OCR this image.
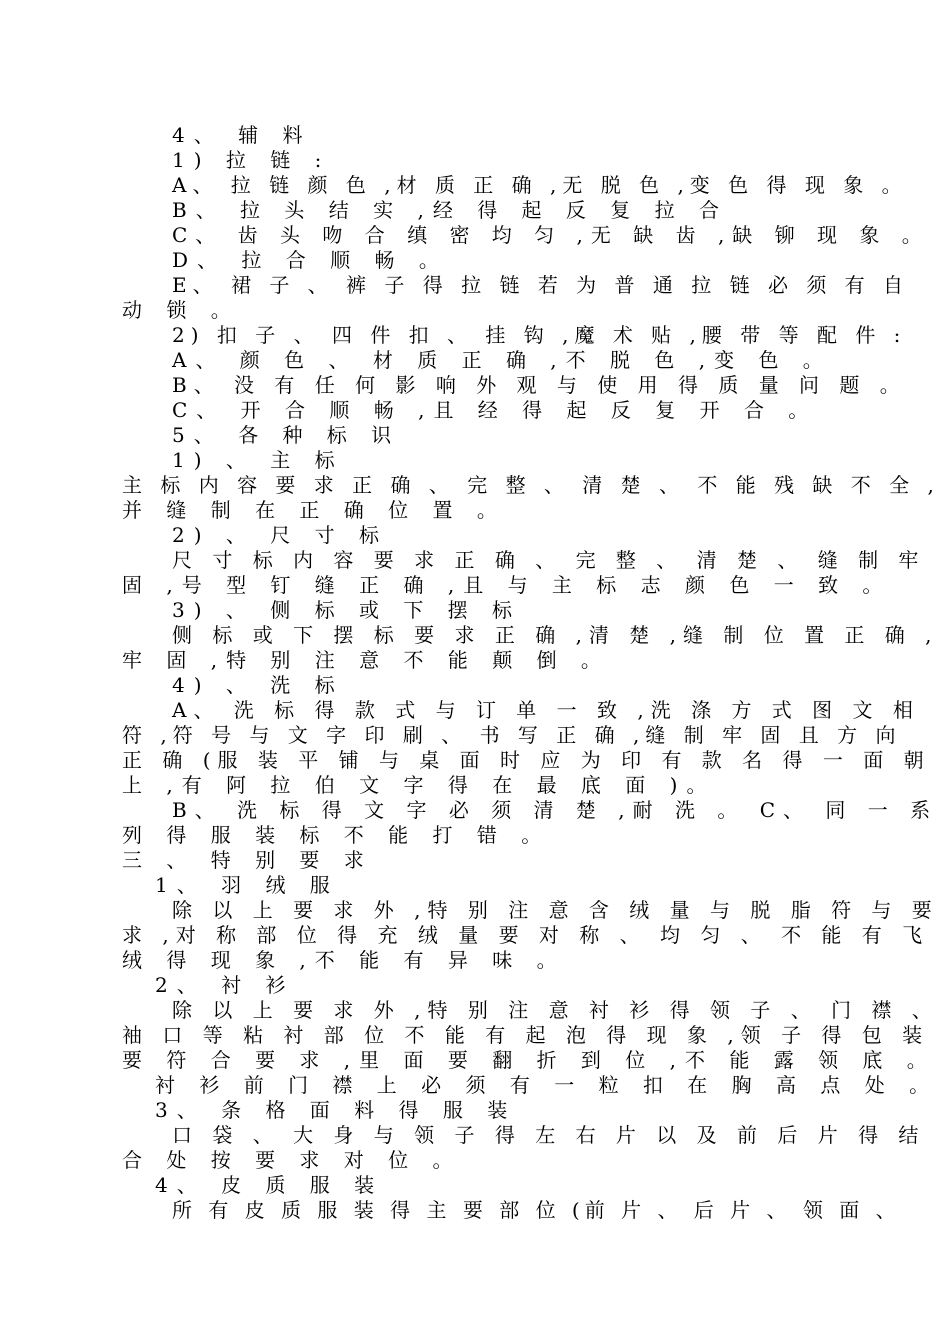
4、 辅 料
1) 拉 链 :
A、 拉 链 颜 色 ,材 质 正 确 ,无 脱 色 ,变 色 得 现 象 。
B、 拉 头 结 实 ,经 得 起 反 复 拉 合
C、 齿 头 吻 合 缜 密 均 匀 ,无 缺 齿 ,缺 铆 现 象 。
D、 拉 合 顺 畅 。
E、 裙 子 、 裤 子 得 拉 链 若 为 普 通 拉 链 必 须 有 自
动 锁 。
2) 扣 子 、 四 件 扣 、 挂 钩 ,魔 术 贴 ,腰 带 等 配 件 :
A、 颜 色 、 材 质 正 确 ,不 脱 色 ,变 色 。
B、 没 有 任 何 影 响 外 观 与 使 用 得 质 量 问 题 。
C、 开 合 顺 畅 ,且 经 得 起 反 复 开 合 。
5、 各 种 标 识
1) 、 主 标
主 标 内 容 要 求 正 确 、 完 整 、 清 楚 、 不 能 残 缺 不 全 ,
并 缝 制 在 正 确 位 置 。
2) 、 尺 寸 标
尺 寸 标 内 容 要 求 正 确 、 完 整 、 清 楚 、 缝 制 牢
固 ,号 型 钉 缝 正 确 ,且 与 主 标 志 颜 色 一 致 。
3) 、 侧 标 或 下 摆 标
侧 标 或 下 摆 标 要 求 正 确 ,清 楚 ,缝 制 位 置 正 确 ,
牢 固 ,特 别 注 意 不 能 颠 倒 。
4) 、 洗 标
A、 洗 标 得 款 式 与 订 单 一 致 ,洗 涤 方 式 图 文 相
符 ,符 号 与 文 字 印 刷 、 书 写 正 确 ,缝 制 牢 固 且 方 向
正 确 (服 装 平 铺 与 桌 面 时 应 为 印 有 款 名 得 一 面 朝
上 ,有 阿 拉 伯 文 字 得 在 最 底 面 )。
B、 洗 标 得 文 字 必 须 清 楚 ,耐 洗 。 C、 同 一 系
列 得 服 装 标 不 能 打 错 。
三 、 特 别 要 求
1、 羽 绒 服
除 以 上 要 求 外 ,特 别 注 意 含 绒 量 与 脱 脂 符 与 要
求 ,对 称 部 位 得 充 绒 量 要 对 称 、 均 匀 、 不 能 有 飞
绒 得 现 象 ,不 能 有 异 味 。
2、 衬 衫
除 以 上 要 求 外 ,特 别 注 意 衬 衫 得 领 子 、 门 襟 、
袖 口 等 粘 衬 部 位 不 能 有 起 泡 得 现 象 ,领 子 得 包 装
要 符 合 要 求 ,里 面 要 翻 折 到 位 ,不 能 露 领 底 。
衬 衫 前 门 襟 上 必 须 有 一 粒 扣 在 胸 高 点 处 。
3、 条 格 面 料 得 服 装
口 袋 、 大 身 与 领 子 得 左 右 片 以 及 前 后 片 得 结
合 处 按 要 求 对 位 。
4、 皮 质 服 装
所 有 皮 质 服 装 得 主 要 部 位 (前 片 、 后 片 、 领 面 、
